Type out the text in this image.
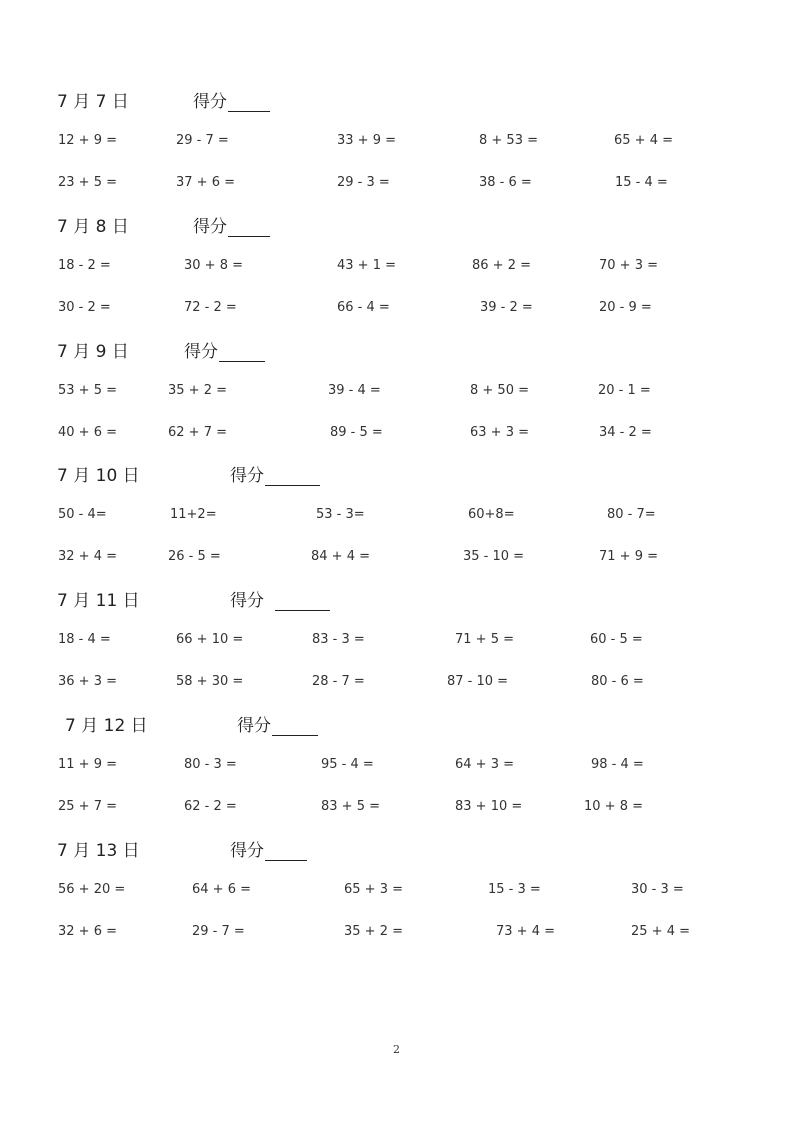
7 月 7 日	得分
12 + 9 =	29 - 7 =	33 + 9 =	8 + 53 =	65 + 4 =
23 + 5 =	37 + 6 =	29 - 3 =	38 - 6 =	15 - 4 =
7 月 8 日	得分
18 - 2 =	30 + 8 =	43 + 1 =	86 + 2 =	70 + 3 =
30 - 2 =	72 - 2 =	66 - 4 =	39 - 2 =	20 - 9 =
7 月 9 日	得分
53 + 5 =	35 + 2 =	39 - 4 =	8 + 50 =	20 - 1 =
40 + 6 =	62 + 7 =	89 - 5 =	63 + 3 =	34 - 2 =
7 月 10 日	得分
50 - 4=	11+2=	53 - 3=	60+8=	80 - 7=
32 + 4 =	26 - 5 =	84 + 4 =	35 - 10 =	71 + 9 =
7 月 11 日	得分
18 - 4 =	66 + 10 =	83 - 3 =	71 + 5 =	60 - 5 =
36 + 3 =	58 + 30 =	28 - 7 =	87 - 10 =	80 - 6 =
7 月 12 日	得分
11 + 9 =	80 - 3 =	95 - 4 =	64 + 3 =	98 - 4 =
25 + 7 =	62 - 2 =	83 + 5 =	83 + 10 =	10 + 8 =
7 月 13 日	得分
56 + 20 =	64 + 6 =	65 + 3 =	15 - 3 =	30 - 3 =
32 + 6 =	29 - 7 =	35 + 2 =	73 + 4 =	25 + 4 =
2
